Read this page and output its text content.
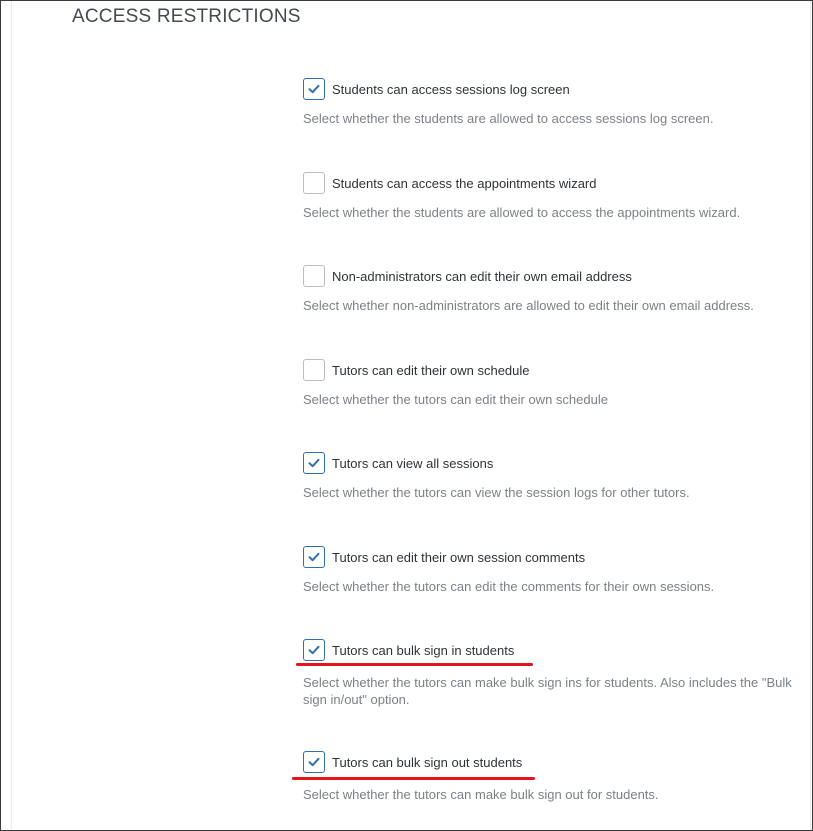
ACCESS RESTRICTIONS
Students can access sessions log screen
Select whether the students are allowed to access sessions log screen.
Students can access the appointments wizard
Select whether the students are allowed to access the appointments wizard.
Non-administrators can edit their own email address
Select whether non-administrators are allowed to edit their own email address.
Tutors can edit their own schedule
Select whether the tutors can edit their own schedule
Tutors can view all sessions
Select whether the tutors can view the session logs for other tutors.
Tutors can edit their own session comments
Select whether the tutors can edit the comments for their own sessions.
Tutors can bulk sign in students
Select whether the tutors can make bulk sign ins for students. Also includes the "Bulk sign in/out" option.
Tutors can bulk sign out students
Select whether the tutors can make bulk sign out for students.
